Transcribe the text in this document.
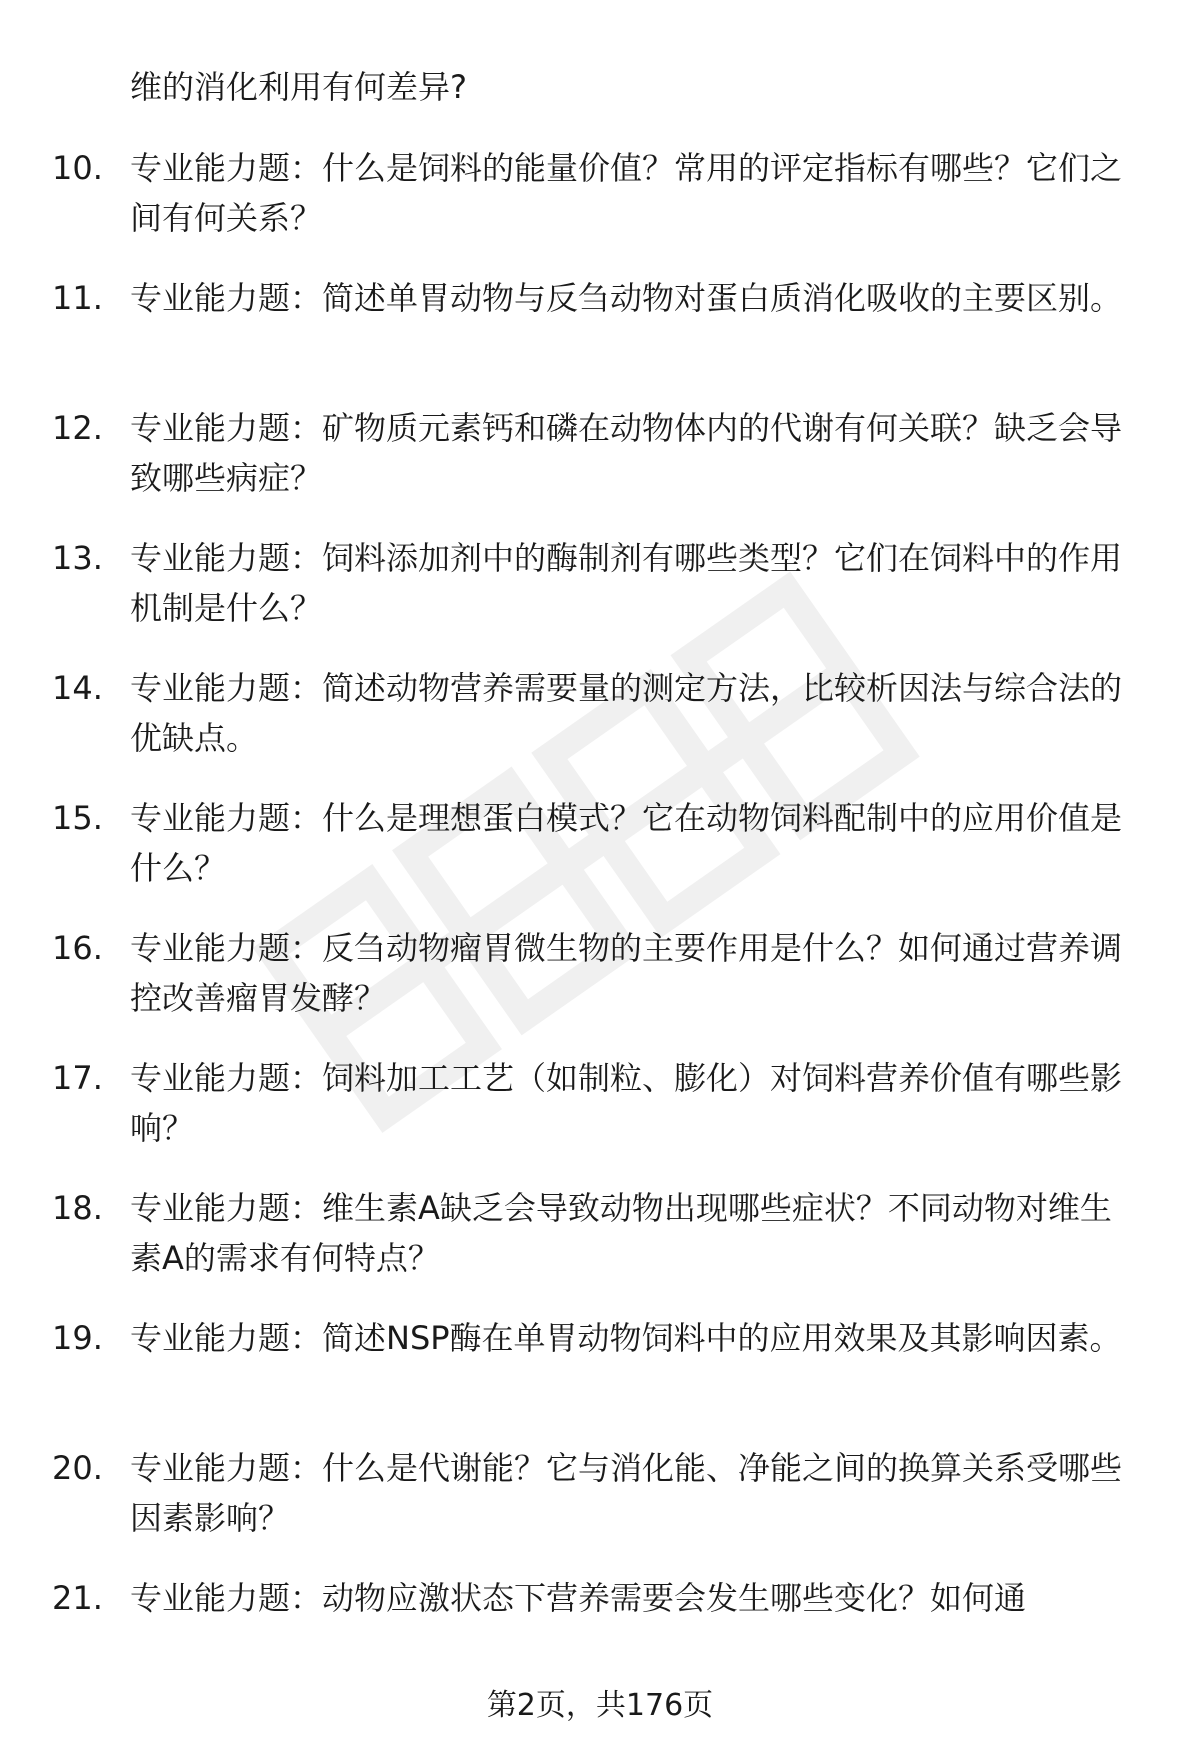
维的消化利用有何差异?
10. 专业能力题：什么是饲料的能量价值？常用的评定指标有哪些？它们之间有何关系？
11. 专业能力题：简述单胃动物与反刍动物对蛋白质消化吸收的主要区别。
12. 专业能力题：矿物质元素钙和磷在动物体内的代谢有何关联？缺乏会导致哪些病症？
13. 专业能力题：饲料添加剂中的酶制剂有哪些类型？它们在饲料中的作用机制是什么？
14. 专业能力题：简述动物营养需要量的测定方法，比较析因法与综合法的优缺点。
15. 专业能力题：什么是理想蛋白模式？它在动物饲料配制中的应用价值是什么？
16. 专业能力题：反刍动物瘤胃微生物的主要作用是什么？如何通过营养调控改善瘤胃发酵？
17. 专业能力题：饲料加工工艺（如制粒、膨化）对饲料营养价值有哪些影响？
18. 专业能力题：维生素A缺乏会导致动物出现哪些症状？不同动物对维生素A的需求有何特点？
19. 专业能力题：简述NSP酶在单胃动物饲料中的应用效果及其影响因素。
20. 专业能力题：什么是代谢能？它与消化能、净能之间的换算关系受哪些因素影响？
21. 专业能力题：动物应激状态下营养需要会发生哪些变化？如何通
第2页，共176页
